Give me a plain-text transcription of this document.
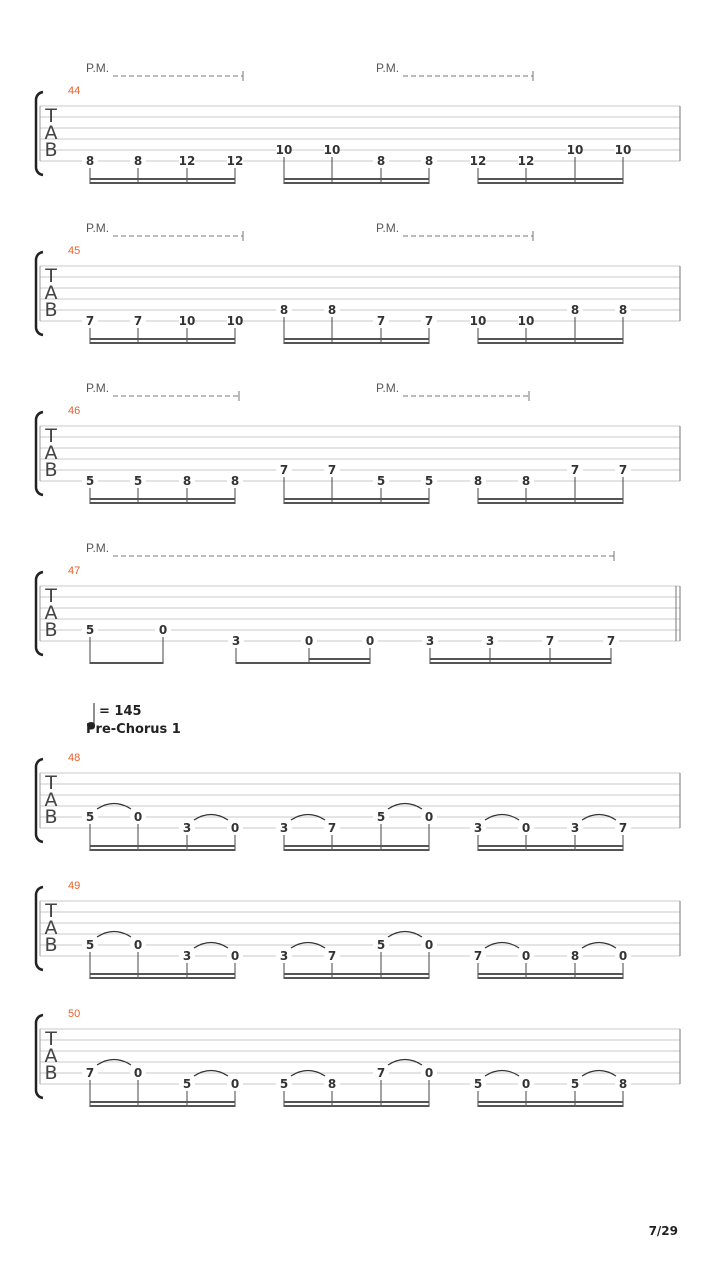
T
A
B
44
P.M.	P.M.
8	8	12	12
10	10
8	8	12	12
10	10
T
A
B
45
P.M.	P.M.
7	7	10	10
8	8
7	7	10	10
8	8
T
A
B
46
P.M.	P.M.
5	5	8	8
7	7
5	5	8	8
7	7
T
A
B
47
P.M.
5	0
3	0	0	3	3	7	7
T
A
B
48
5	0
3	0	3	7
5	0
3	0	3	7
T
A
B
49
5	0
3	0	3	7
5	0
7	0	8	0
T
A
B
50
7	0
5	0	5	8
7	0
5	0	5	8
= 145
Pre-Chorus 1
7/29
